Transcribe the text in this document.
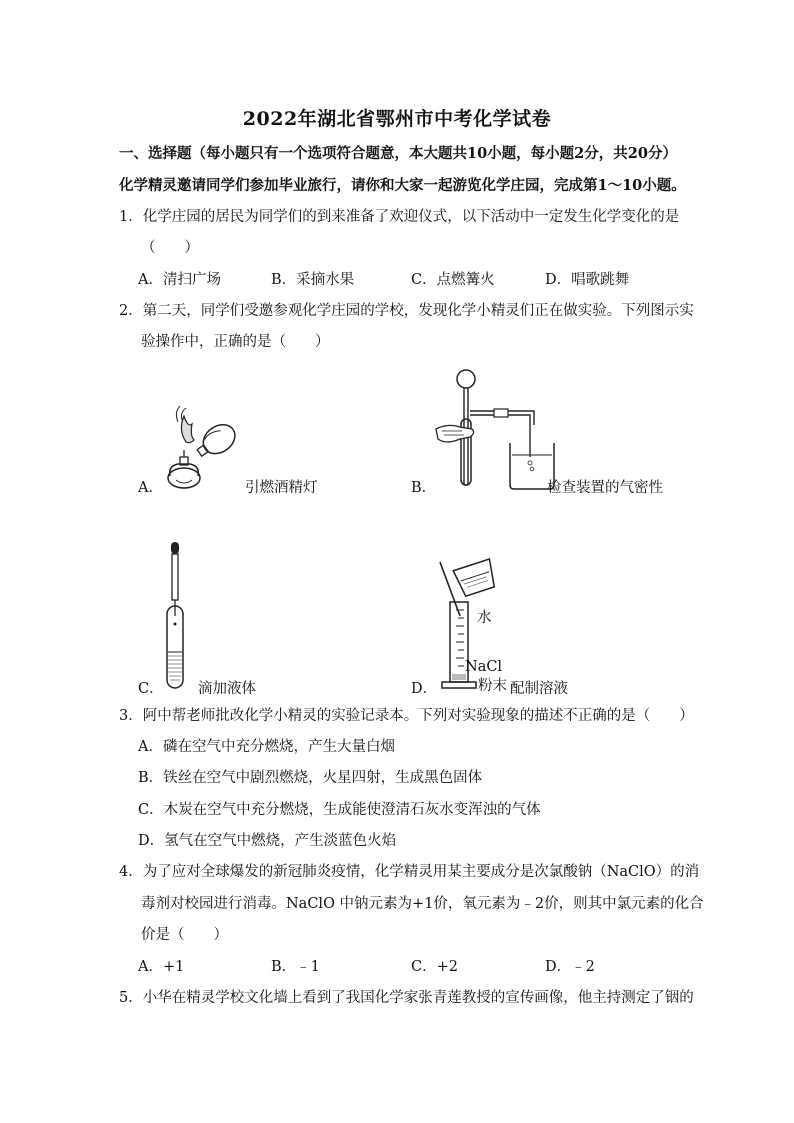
2022年湖北省鄂州市中考化学试卷
一、选择题（每小题只有一个选项符合题意，本大题共10小题，每小题2分，共20分）
化学精灵邀请同学们参加毕业旅行，请你和大家一起游览化学庄园，完成第1～10小题。
1．化学庄园的居民为同学们的到来准备了欢迎仪式，以下活动中一定发生化学变化的是
（　　）
A．清扫广场	B．采摘水果	C．点燃篝火	D．唱歌跳舞
2．第二天，同学们受邀参观化学庄园的学校，发现化学小精灵们正在做实验。下列图示实
验操作中，正确的是（　　）
A．	引燃酒精灯	B．	检查装置的气密性
C． 滴加液体
水
NaCl
粉末
D．	配制溶液
3．阿中帮老师批改化学小精灵的实验记录本。下列对实验现象的描述不正确的是（　　）
A．磷在空气中充分燃烧，产生大量白烟
B．铁丝在空气中剧烈燃烧，火星四射，生成黑色固体
C．木炭在空气中充分燃烧，生成能使澄清石灰水变浑浊的气体
D．氢气在空气中燃烧，产生淡蓝色火焰
4．为了应对全球爆发的新冠肺炎疫情，化学精灵用某主要成分是次氯酸钠（NaClO）的消
毒剂对校园进行消毒。NaClO 中钠元素为+1价，氧元素为﹣2价，则其中氯元素的化合
价是（　　）
A．+1	B．﹣1	C．+2	D．﹣2
5．小华在精灵学校文化墙上看到了我国化学家张青莲教授的宣传画像，他主持测定了铟的
